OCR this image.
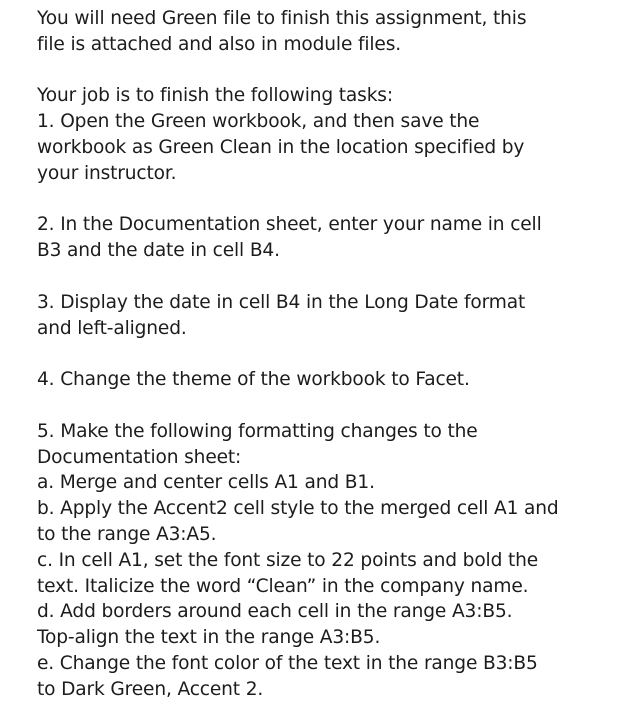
You will need Green file to finish this assignment, this
file is attached and also in module files.
Your job is to finish the following tasks:
1. Open the Green workbook, and then save the
workbook as Green Clean in the location specified by
your instructor.
2. In the Documentation sheet, enter your name in cell
B3 and the date in cell B4.
3. Display the date in cell B4 in the Long Date format
and left-aligned.
4. Change the theme of the workbook to Facet.
5. Make the following formatting changes to the
Documentation sheet:
a. Merge and center cells A1 and B1.
b. Apply the Accent2 cell style to the merged cell A1 and
to the range A3:A5.
c. In cell A1, set the font size to 22 points and bold the
text. Italicize the word “Clean” in the company name.
d. Add borders around each cell in the range A3:B5.
Top-align the text in the range A3:B5.
e. Change the font color of the text in the range B3:B5
to Dark Green, Accent 2.
